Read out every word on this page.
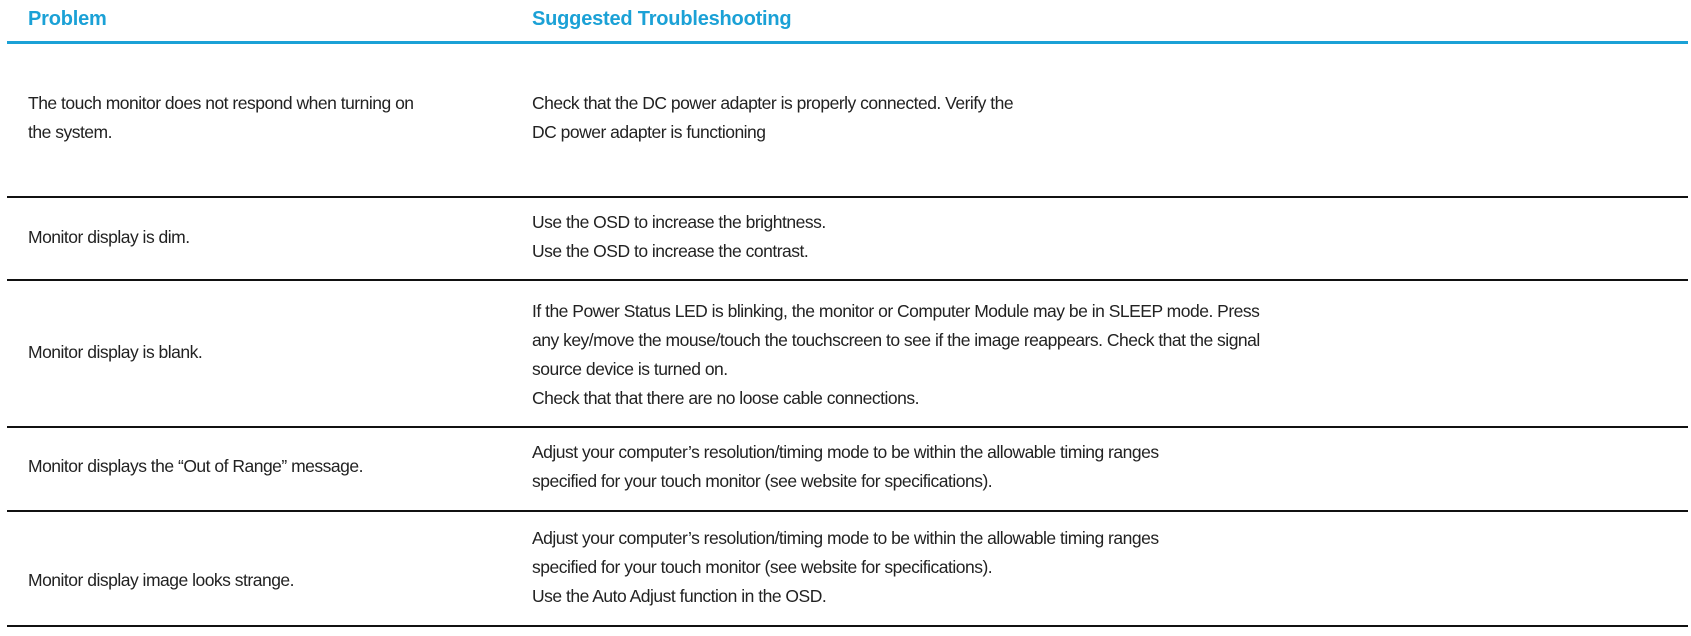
Problem	Suggested Troubleshooting
The touch monitor does not respond when turning on
the system.
Check that the DC power adapter is properly connected. Verify the
DC power adapter is functioning
Monitor display is dim.
Use the OSD to increase the brightness.
Use the OSD to increase the contrast.
Monitor display is blank.
If the Power Status LED is blinking, the monitor or Computer Module may be in SLEEP mode. Press
any key/move the mouse/touch the touchscreen to see if the image reappears. Check that the signal
source device is turned on.
Check that that there are no loose cable connections.
Monitor displays the “Out of Range” message.
Adjust your computer’s resolution/timing mode to be within the allowable timing ranges
specified for your touch monitor (see website for specifications).
Monitor display image looks strange.
Adjust your computer’s resolution/timing mode to be within the allowable timing ranges
specified for your touch monitor (see website for specifications).
Use the Auto Adjust function in the OSD.
